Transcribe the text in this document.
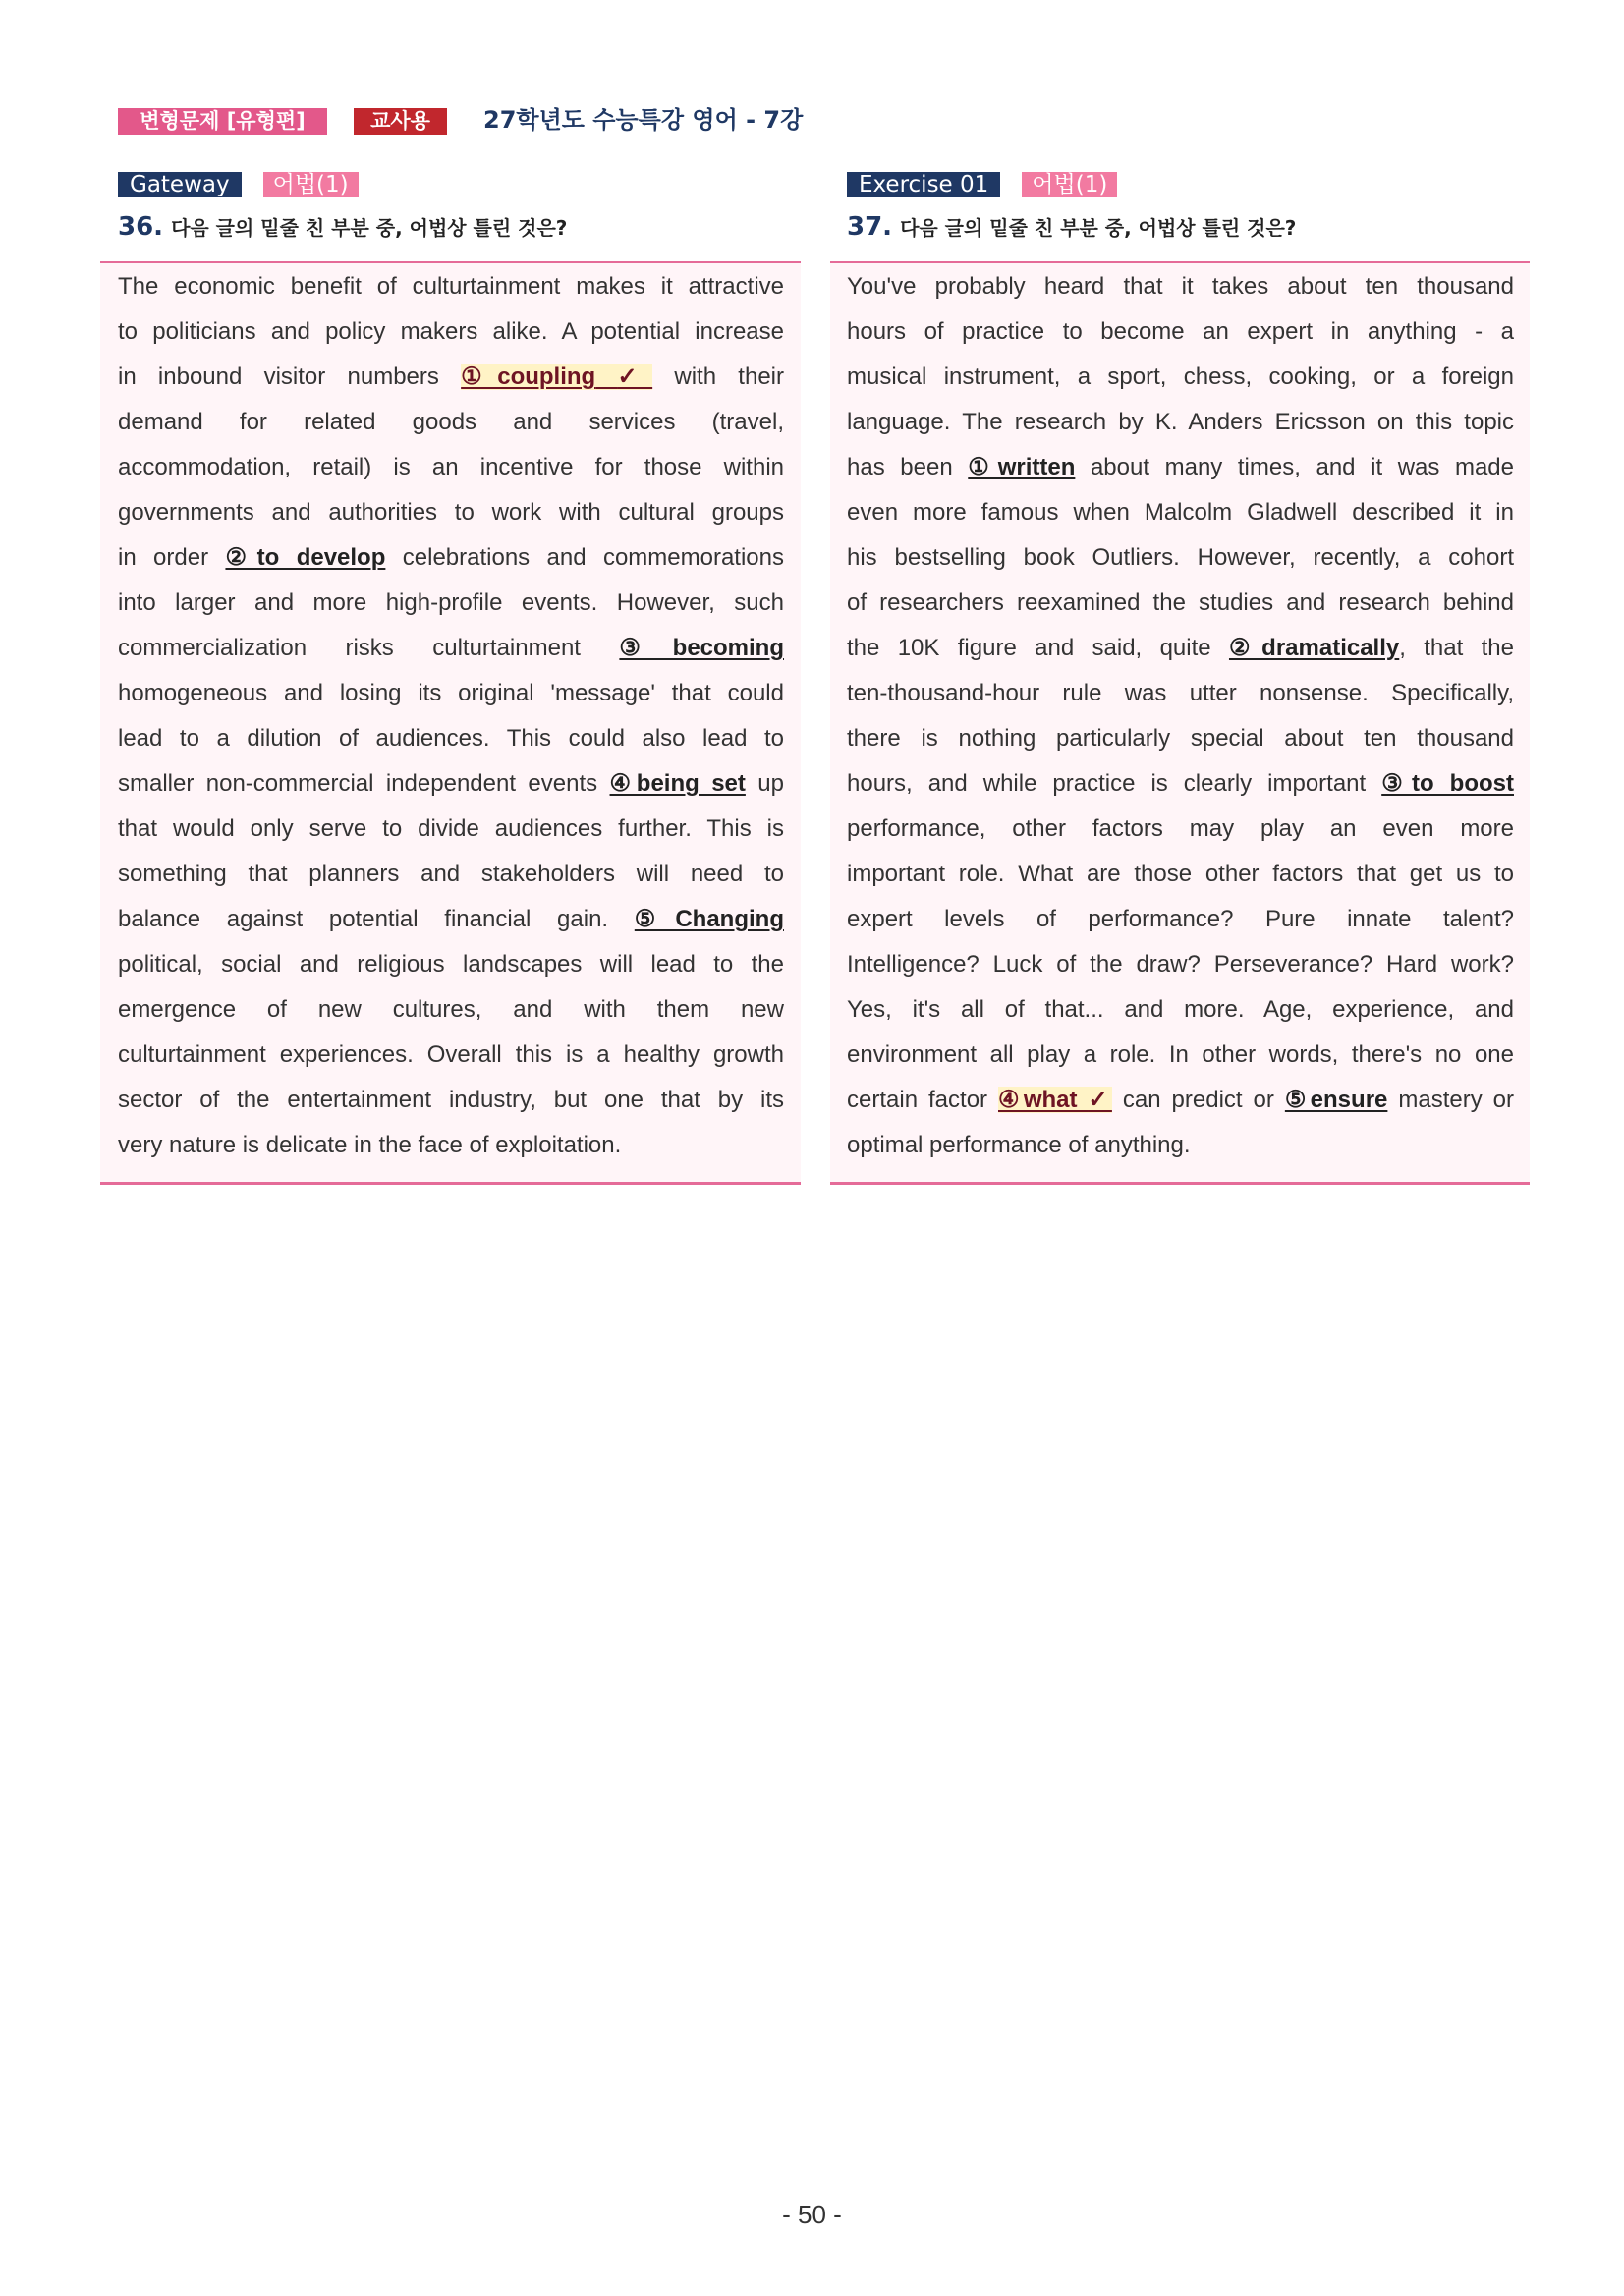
변형문제 [유형편]	교사용	27학년도 수능특강 영어 - 7강
Gateway 어법(1)
36. 다음 글의 밑줄 친 부분 중, 어법상 틀린 것은?
The economic benefit of culturtainment makes it attractive
to politicians and policy makers alike. A potential increase
in inbound visitor numbers ①coupling ✓ with their
demand for related goods and services (travel,
accommodation, retail) is an incentive for those within
governments and authorities to work with cultural groups
in order ②to develop celebrations and commemorations
into larger and more high-profile events. However, such
commercialization risks culturtainment ③becoming
homogeneous and losing its original 'message' that could
lead to a dilution of audiences. This could also lead to
smaller non-commercial independent events ④being set up
that would only serve to divide audiences further. This is
something that planners and stakeholders will need to
balance against potential financial gain. ⑤Changing
political, social and religious landscapes will lead to the
emergence of new cultures, and with them new
culturtainment experiences. Overall this is a healthy growth
sector of the entertainment industry, but one that by its
very nature is delicate in the face of exploitation.
Exercise 01 어법(1)
37. 다음 글의 밑줄 친 부분 중, 어법상 틀린 것은?
You've probably heard that it takes about ten thousand
hours of practice to become an expert in anything - a
musical instrument, a sport, chess, cooking, or a foreign
language. The research by K. Anders Ericsson on this topic
has been ①written about many times, and it was made
even more famous when Malcolm Gladwell described it in
his bestselling book Outliers. However, recently, a cohort
of researchers reexamined the studies and research behind
the 10K figure and said, quite ②dramatically, that the
ten-thousand-hour rule was utter nonsense. Specifically,
there is nothing particularly special about ten thousand
hours, and while practice is clearly important ③to boost
performance, other factors may play an even more
important role. What are those other factors that get us to
expert levels of performance? Pure innate talent?
Intelligence? Luck of the draw? Perseverance? Hard work?
Yes, it's all of that... and more. Age, experience, and
environment all play a role. In other words, there's no one
certain factor ④what ✓ can predict or ⑤ensure mastery or
optimal performance of anything.
- 50 -
